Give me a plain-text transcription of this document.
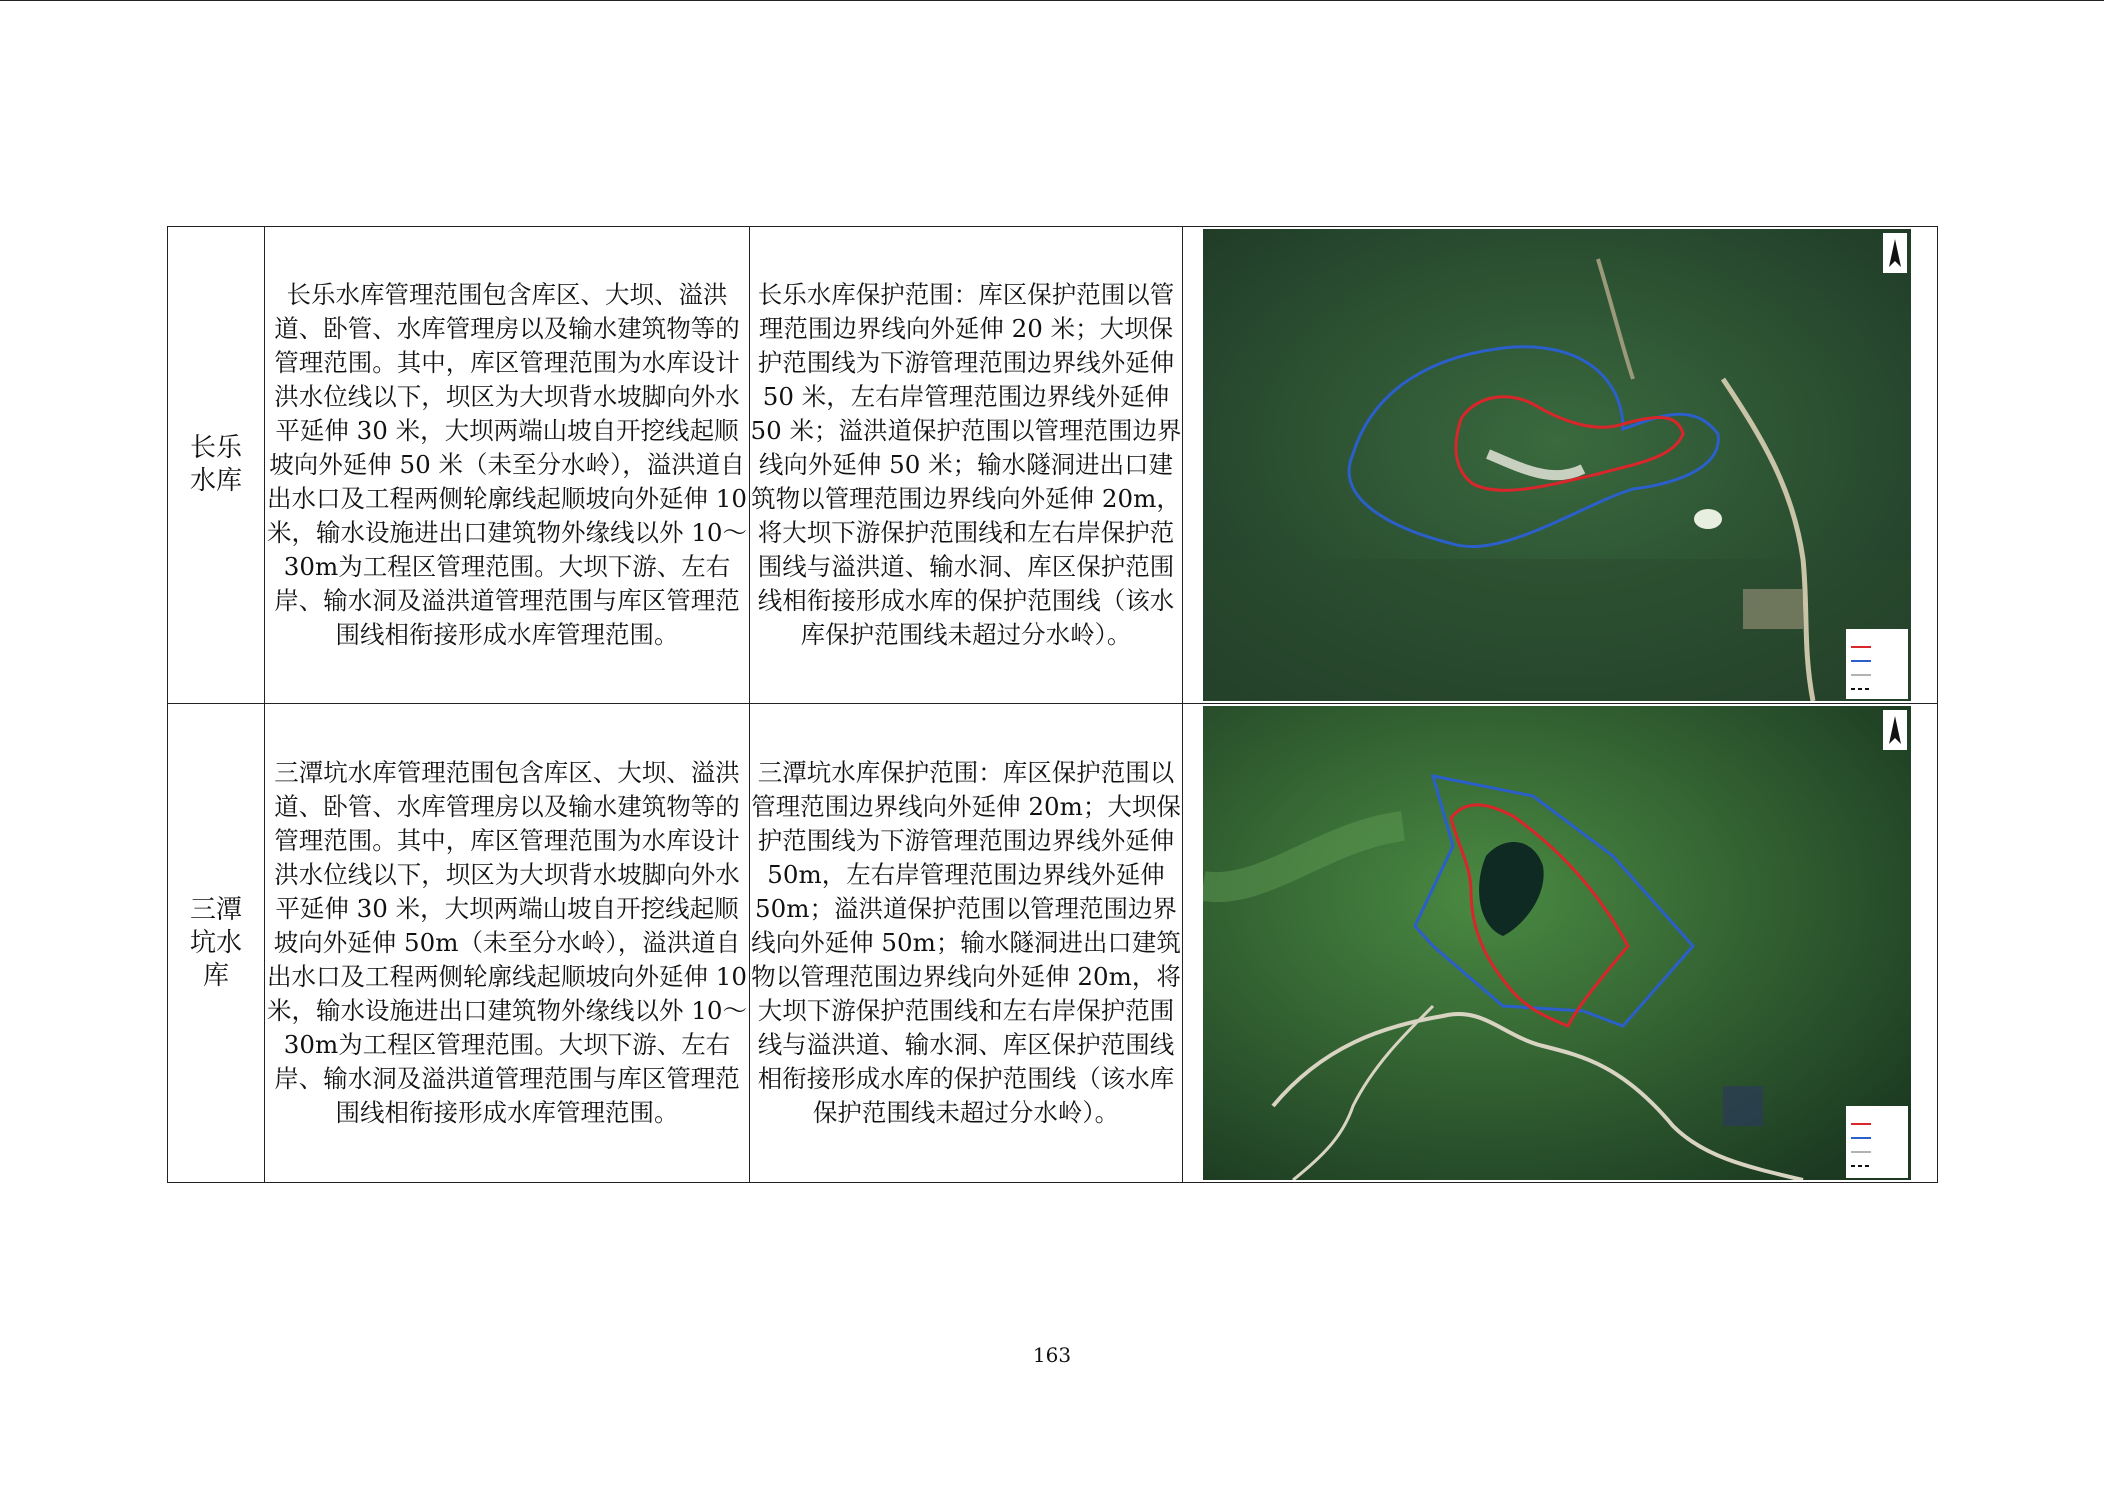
长乐水库	长乐水库管理范围包含库区、大坝、溢洪道、卧管、水库管理房以及输水建筑物等的管理范围。其中，库区管理范围为水库设计洪水位线以下，坝区为大坝背水坡脚向外水平延伸 30 米，大坝两端山坡自开挖线起顺坡向外延伸 50 米（未至分水岭），溢洪道自出水口及工程两侧轮廓线起顺坡向外延伸 10 米，输水设施进出口建筑物外缘线以外 10～30m为工程区管理范围。大坝下游、左右岸、输水洞及溢洪道管理范围与库区管理范围线相衔接形成水库管理范围。	长乐水库保护范围：库区保护范围以管理范围边界线向外延伸 20 米；大坝保护范围线为下游管理范围边界线外延伸 50 米，左右岸管理范围边界线外延伸 50 米；溢洪道保护范围以管理范围边界线向外延伸 50 米；输水隧洞进出口建筑物以管理范围边界线向外延伸 20m，将大坝下游保护范围线和左右岸保护范围线与溢洪道、输水洞、库区保护范围线相衔接形成水库的保护范围线（该水库保护范围线未超过分水岭）。	

三潭坑水库	三潭坑水库管理范围包含库区、大坝、溢洪道、卧管、水库管理房以及输水建筑物等的管理范围。其中，库区管理范围为水库设计洪水位线以下，坝区为大坝背水坡脚向外水平延伸 30 米，大坝两端山坡自开挖线起顺坡向外延伸 50m（未至分水岭），溢洪道自出水口及工程两侧轮廓线起顺坡向外延伸 10 米，输水设施进出口建筑物外缘线以外 10～30m为工程区管理范围。大坝下游、左右岸、输水洞及溢洪道管理范围与库区管理范围线相衔接形成水库管理范围。	三潭坑水库保护范围：库区保护范围以管理范围边界线向外延伸 20m；大坝保护范围线为下游管理范围边界线外延伸 50m，左右岸管理范围边界线外延伸 50m；溢洪道保护范围以管理范围边界线向外延伸 50m；输水隧洞进出口建筑物以管理范围边界线向外延伸 20m，将大坝下游保护范围线和左右岸保护范围线与溢洪道、输水洞、库区保护范围线相衔接形成水库的保护范围线（该水库保护范围线未超过分水岭）。	
163
